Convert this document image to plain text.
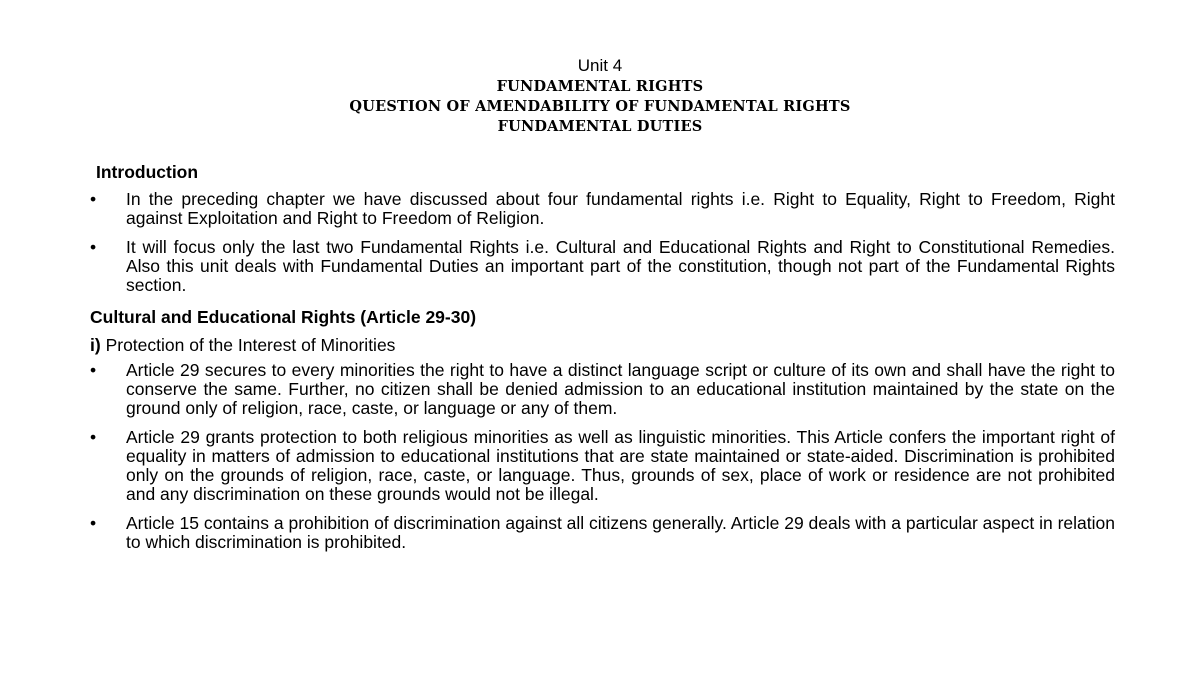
Unit 4
FUNDAMENTAL RIGHTS
QUESTION OF AMENDABILITY OF FUNDAMENTAL RIGHTS
FUNDAMENTAL DUTIES
Introduction
• In the preceding chapter we have discussed about four fundamental rights i.e. Right to Equality, Right to Freedom, Right against Exploitation and Right to Freedom of Religion.
• It will focus only the last two Fundamental Rights i.e. Cultural and Educational Rights and Right to Constitutional Remedies. Also this unit deals with Fundamental Duties an important part of the constitution, though not part of the Fundamental Rights section.
Cultural and Educational Rights (Article 29-30)
i) Protection of the Interest of Minorities
• Article 29 secures to every minorities the right to have a distinct language script or culture of its own and shall have the right to conserve the same. Further, no citizen shall be denied admission to an educational institution maintained by the state on the ground only of religion, race, caste, or language or any of them.
• Article 29 grants protection to both religious minorities as well as linguistic minorities. This Article confers the important right of equality in matters of admission to educational institutions that are state maintained or state-aided. Discrimination is prohibited only on the grounds of religion, race, caste, or language. Thus, grounds of sex, place of work or residence are not prohibited and any discrimination on these grounds would not be illegal.
• Article 15 contains a prohibition of discrimination against all citizens generally. Article 29 deals with a particular aspect in relation to which discrimination is prohibited.
